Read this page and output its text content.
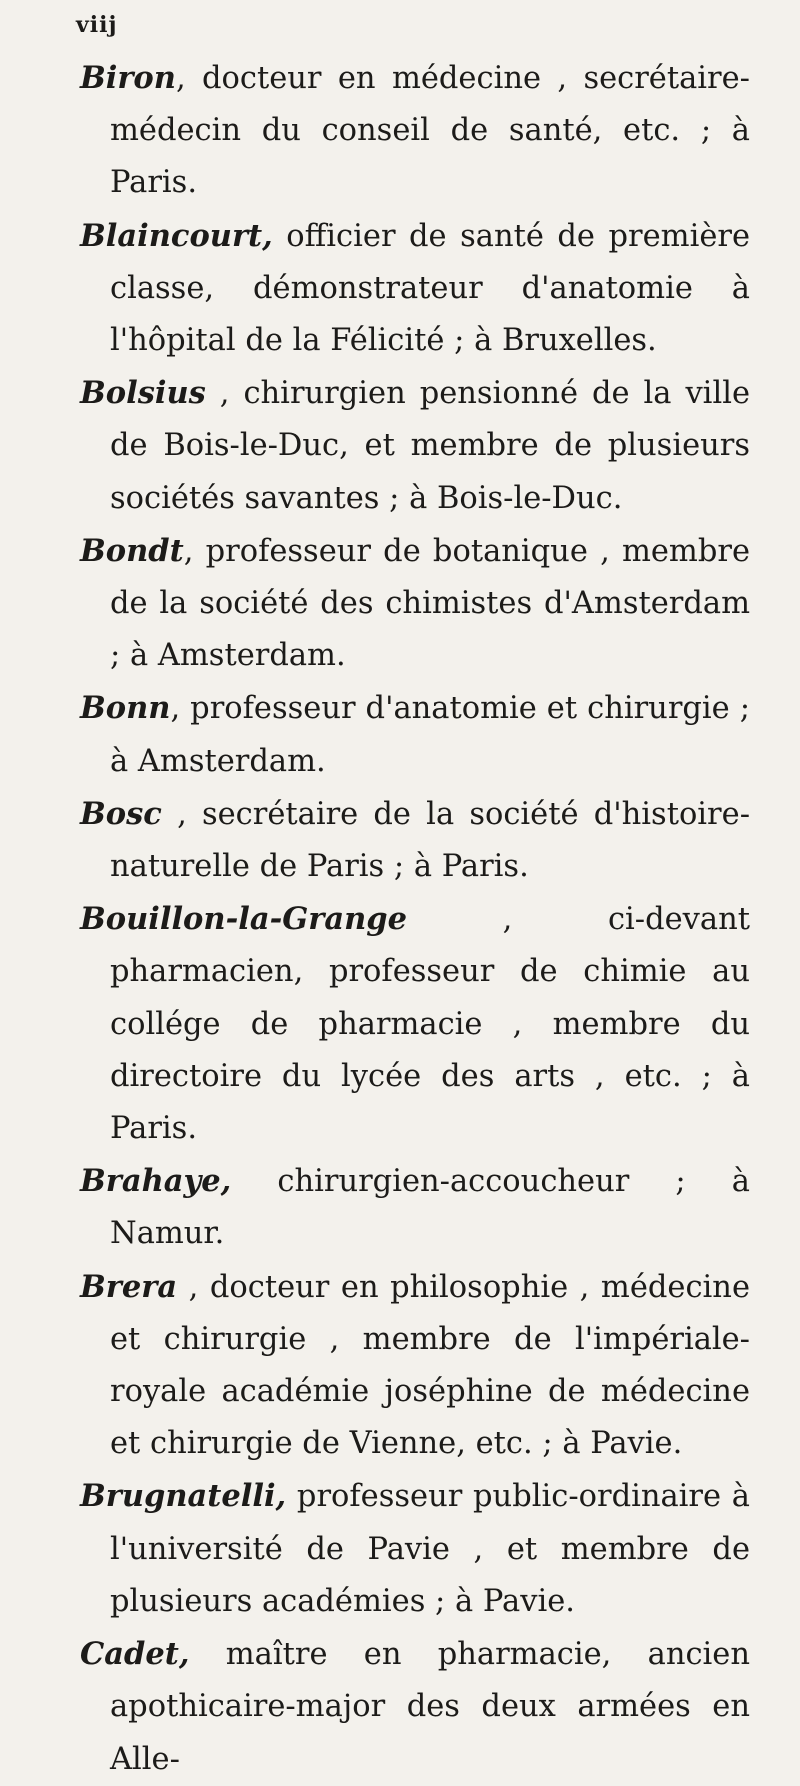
viij

Biron, docteur en médecine , secrétaire-médecin du conseil de santé, etc. ; à Paris.

Blaincourt, officier de santé de première classe, démonstrateur d'anatomie à l'hôpital de la Félicité ; à Bruxelles.

Bolsius , chirurgien pensionné de la ville de Bois-le-Duc, et membre de plusieurs sociétés savantes ; à Bois-le-Duc.

Bondt, professeur de botanique , membre de la société des chimistes d'Amsterdam ; à Amsterdam.

Bonn, professeur d'anatomie et chirurgie ; à Amsterdam.

Bosc , secrétaire de la société d'histoire-naturelle de Paris ; à Paris.

Bouillon-la-Grange , ci-devant pharmacien, professeur de chimie au collége de pharmacie , membre du directoire du lycée des arts , etc. ; à Paris.

Brahaye, chirurgien-accoucheur ; à Namur.

Brera , docteur en philosophie , médecine et chirurgie , membre de l'impériale-royale académie joséphine de médecine et chirurgie de Vienne, etc. ; à Pavie.

Brugnatelli, professeur public-ordinaire à l'université de Pavie , et membre de plusieurs académies ; à Pavie.

Cadet, maître en pharmacie, ancien apothicaire-major des deux armées en Alle-
